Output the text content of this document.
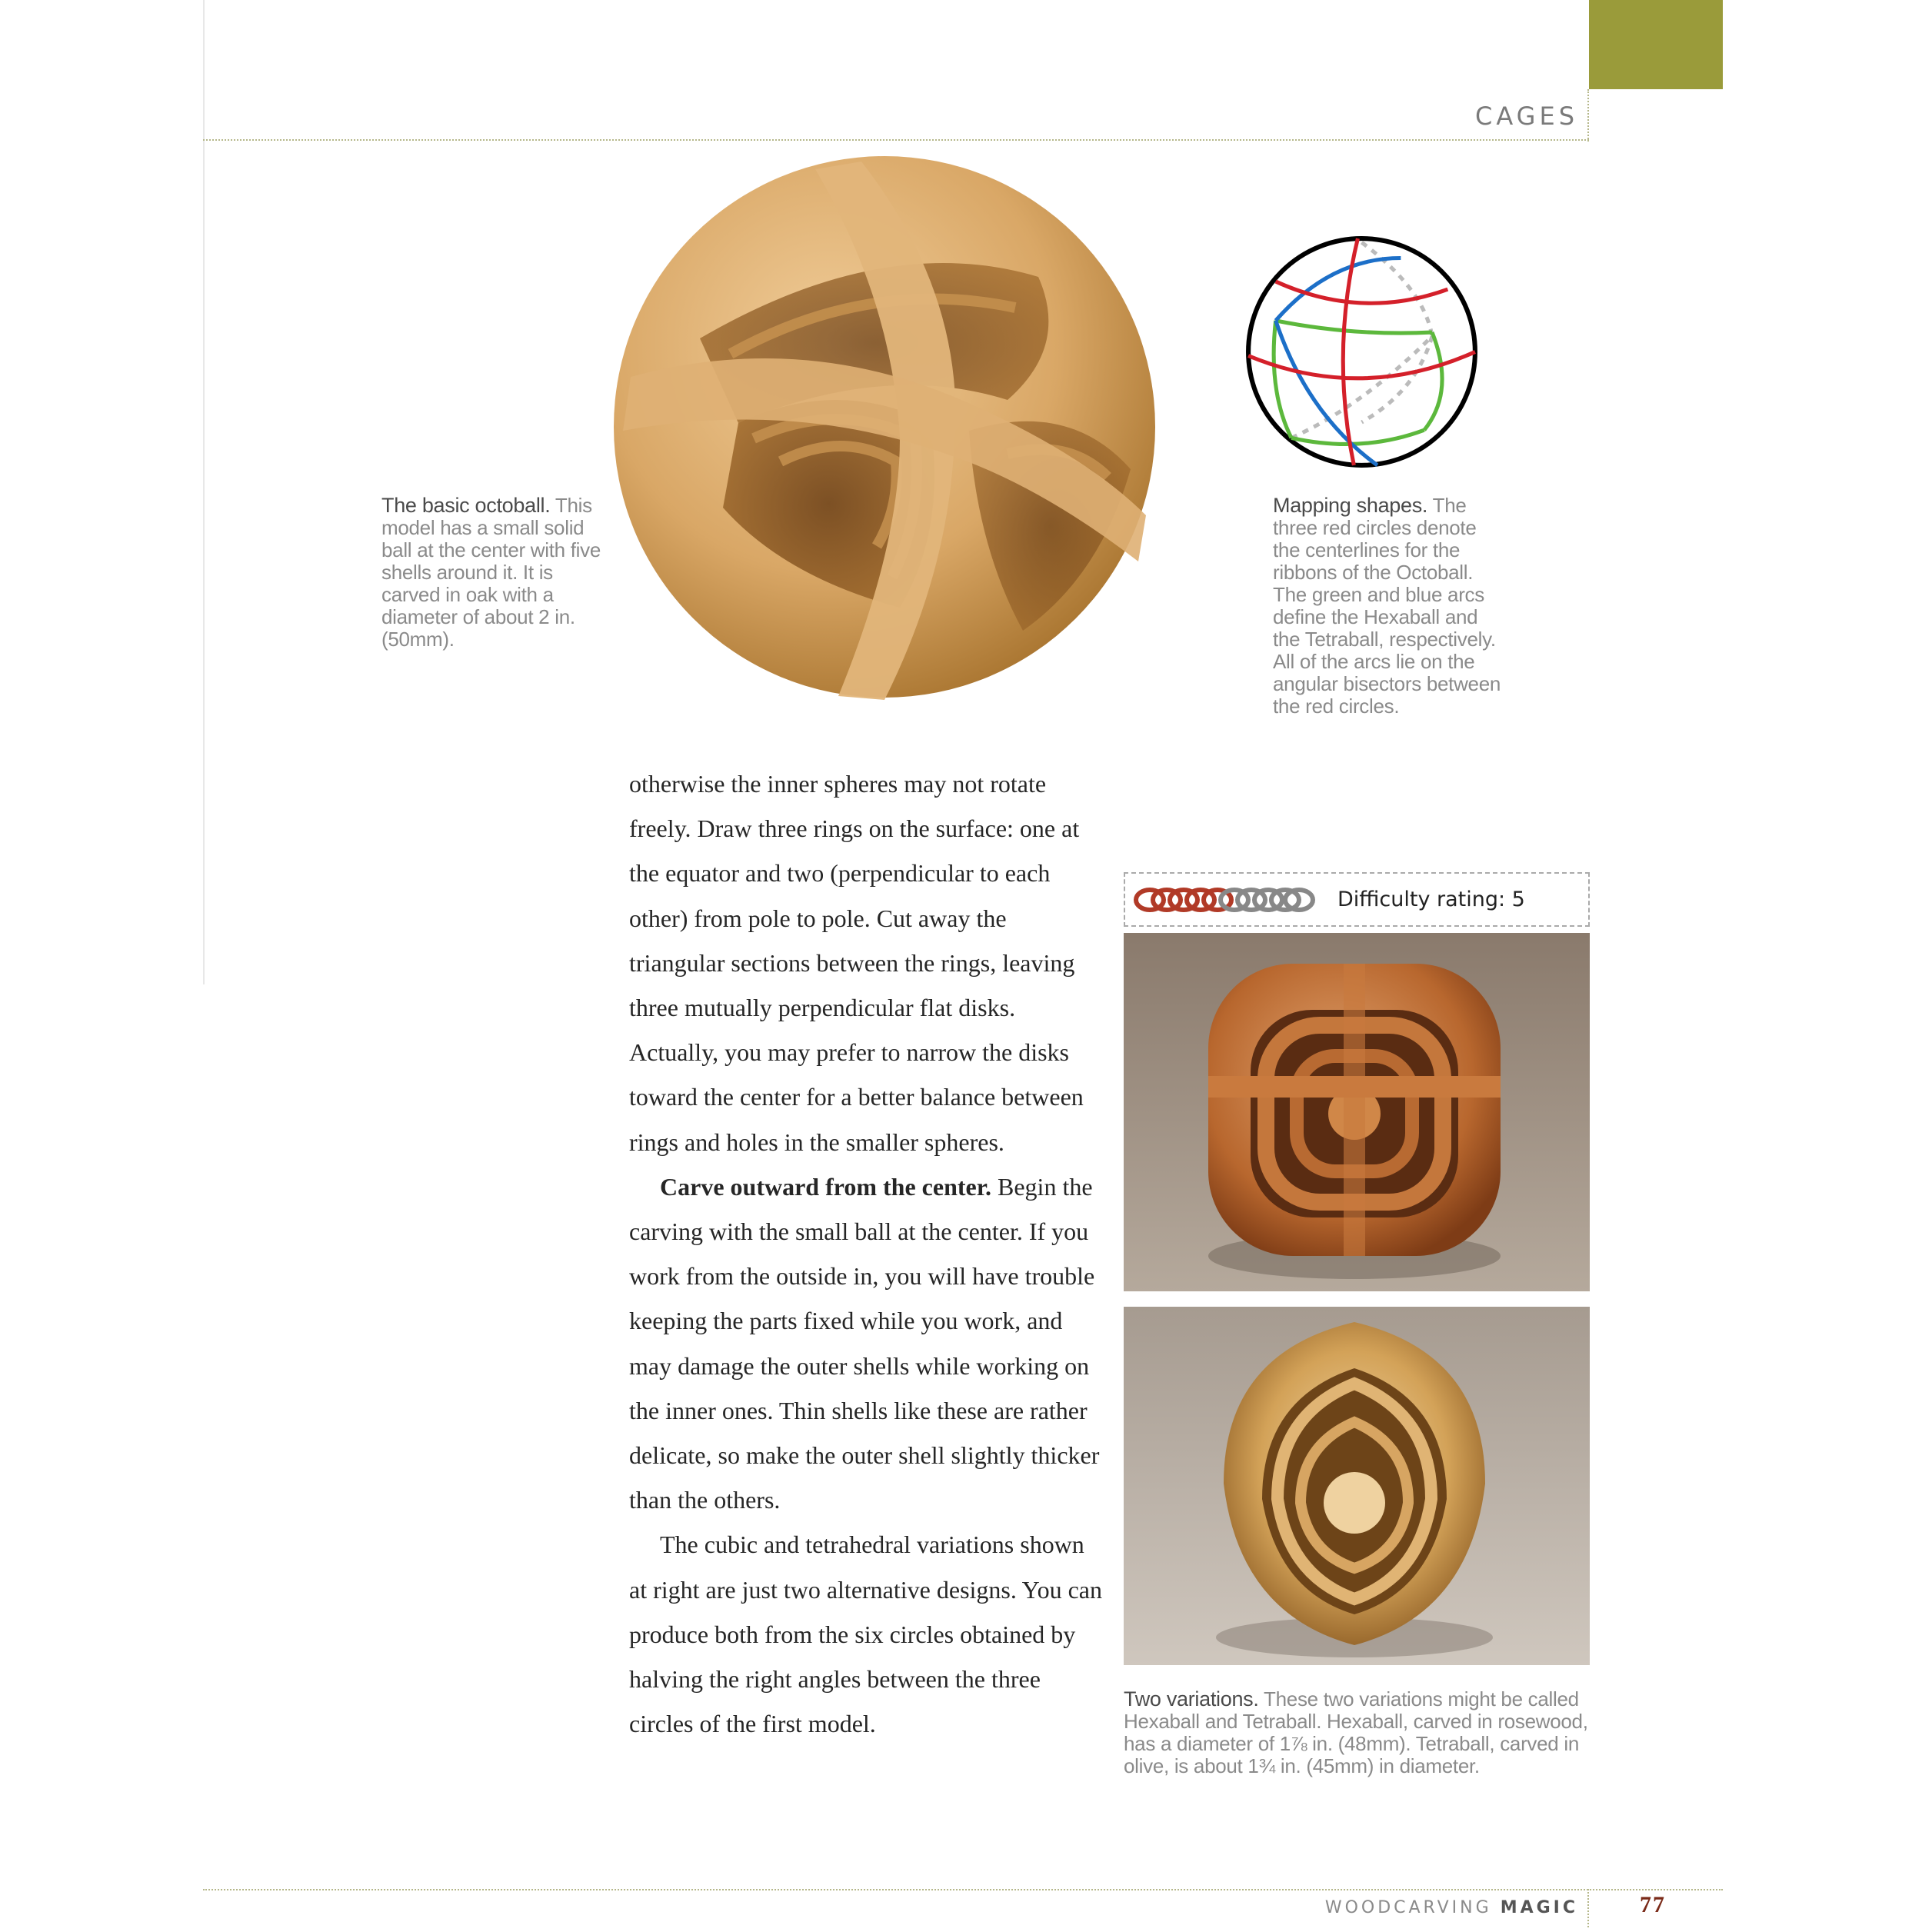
CAGES
The basic octoball. This model has a small solid ball at the center with five shells around it. It is carved in oak with a diameter of about 2 in. (50mm).
Mapping shapes. The three red circles denote the centerlines for the ribbons of the Octoball. The green and blue arcs define the Hexaball and the Tetraball, respectively. All of the arcs lie on the angular bisectors between the red circles.

otherwise the inner spheres may not rotate freely. Draw three rings on the surface: one at the equator and two (perpendicular to each other) from pole to pole. Cut away the triangular sections between the rings, leaving three mutually perpendicular flat disks. Actually, you may prefer to narrow the disks toward the center for a better balance between rings and holes in the smaller spheres.

Carve outward from the center. Begin the carving with the small ball at the center. If you work from the outside in, you will have trouble keeping the parts fixed while you work, and may damage the outer shells while working on the inner ones. Thin shells like these are rather delicate, so make the outer shell slightly thicker than the others.

The cubic and tetrahedral variations shown at right are just two alternative designs. You can produce both from the six circles obtained by halving the right angles between the three circles of the first model.

Difficulty rating: 5
Two variations. These two variations might be called Hexaball and Tetraball. Hexaball, carved in rosewood, has a diameter of 1⅞ in. (48mm). Tetraball, carved in olive, is about 1¾ in. (45mm) in diameter.
WOODCARVING MAGIC	77
